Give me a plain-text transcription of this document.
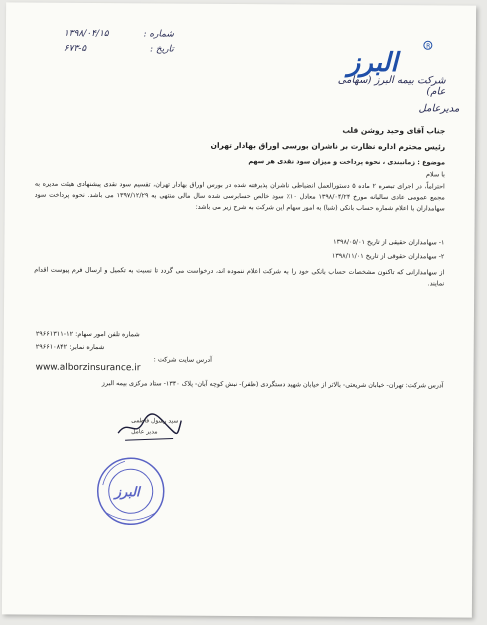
شماره :
۱۳۹۸/۰۴/۱۵
تاریخ :
۶۷۳-۵	R
البرز
شرکت بیمه البرز (سهامی عام)
مدیرعامل
جناب آقای وحید روشن قلب
رئیس محترم اداره نظارت بر ناشران بورسی اوراق بهادار تهران
موضوع : زمانبندی ، نحوه پرداخت و میزان سود نقدی هر سهم
با سلام
احتراماً، در اجرای تبصره ۲ ماده ۵ دستورالعمل انضباطی ناشران پذیرفته شده در بورس اوراق بهادار تهران، تقسیم سود نقدی پیشنهادی هیئت مدیره به مجمع عمومی عادی سالیانه مورخ ۱۳۹۸/۰۴/۲۴ معادل ۱۰٪ سود خالص حسابرسی شده سال مالی منتهی به ۱۳۹۷/۱۲/۲۹ می باشد. نحوه پرداخت سود سهامداران با اعلام شماره حساب بانکی (شبا) به امور سهام این شرکت به شرح زیر می باشد:
۱- سهامداران حقیقی از تاریخ ۱۳۹۸/۰۵/۰۱
۲- سهامداران حقوقی از تاریخ ۱۳۹۸/۱۱/۰۱
از سهامدارانی که تاکنون مشخصات حساب بانکی خود را به شرکت اعلام ننموده اند، درخواست می گردد تا نسبت به تکمیل و ارسال فرم پیوست اقدام نمایند.
شماره تلفن امور سهام: ۱۲-۲۹۶۶۱۳۱۱
شماره نمابر: ۲۹۶۶۱۰۸۴۲
آدرس سایت شرکت :
www.alborzinsurance.ir
آدرس شرکت: تهران- خیابان شریعتی- بالاتر از خیابان شهید دستگردی (ظفر)- نبش کوچه آبان- پلاک ۱۳۴۰- ستاد مرکزی بیمه البرز
سید رسول فاطمی
مدیر عامل
البرز
